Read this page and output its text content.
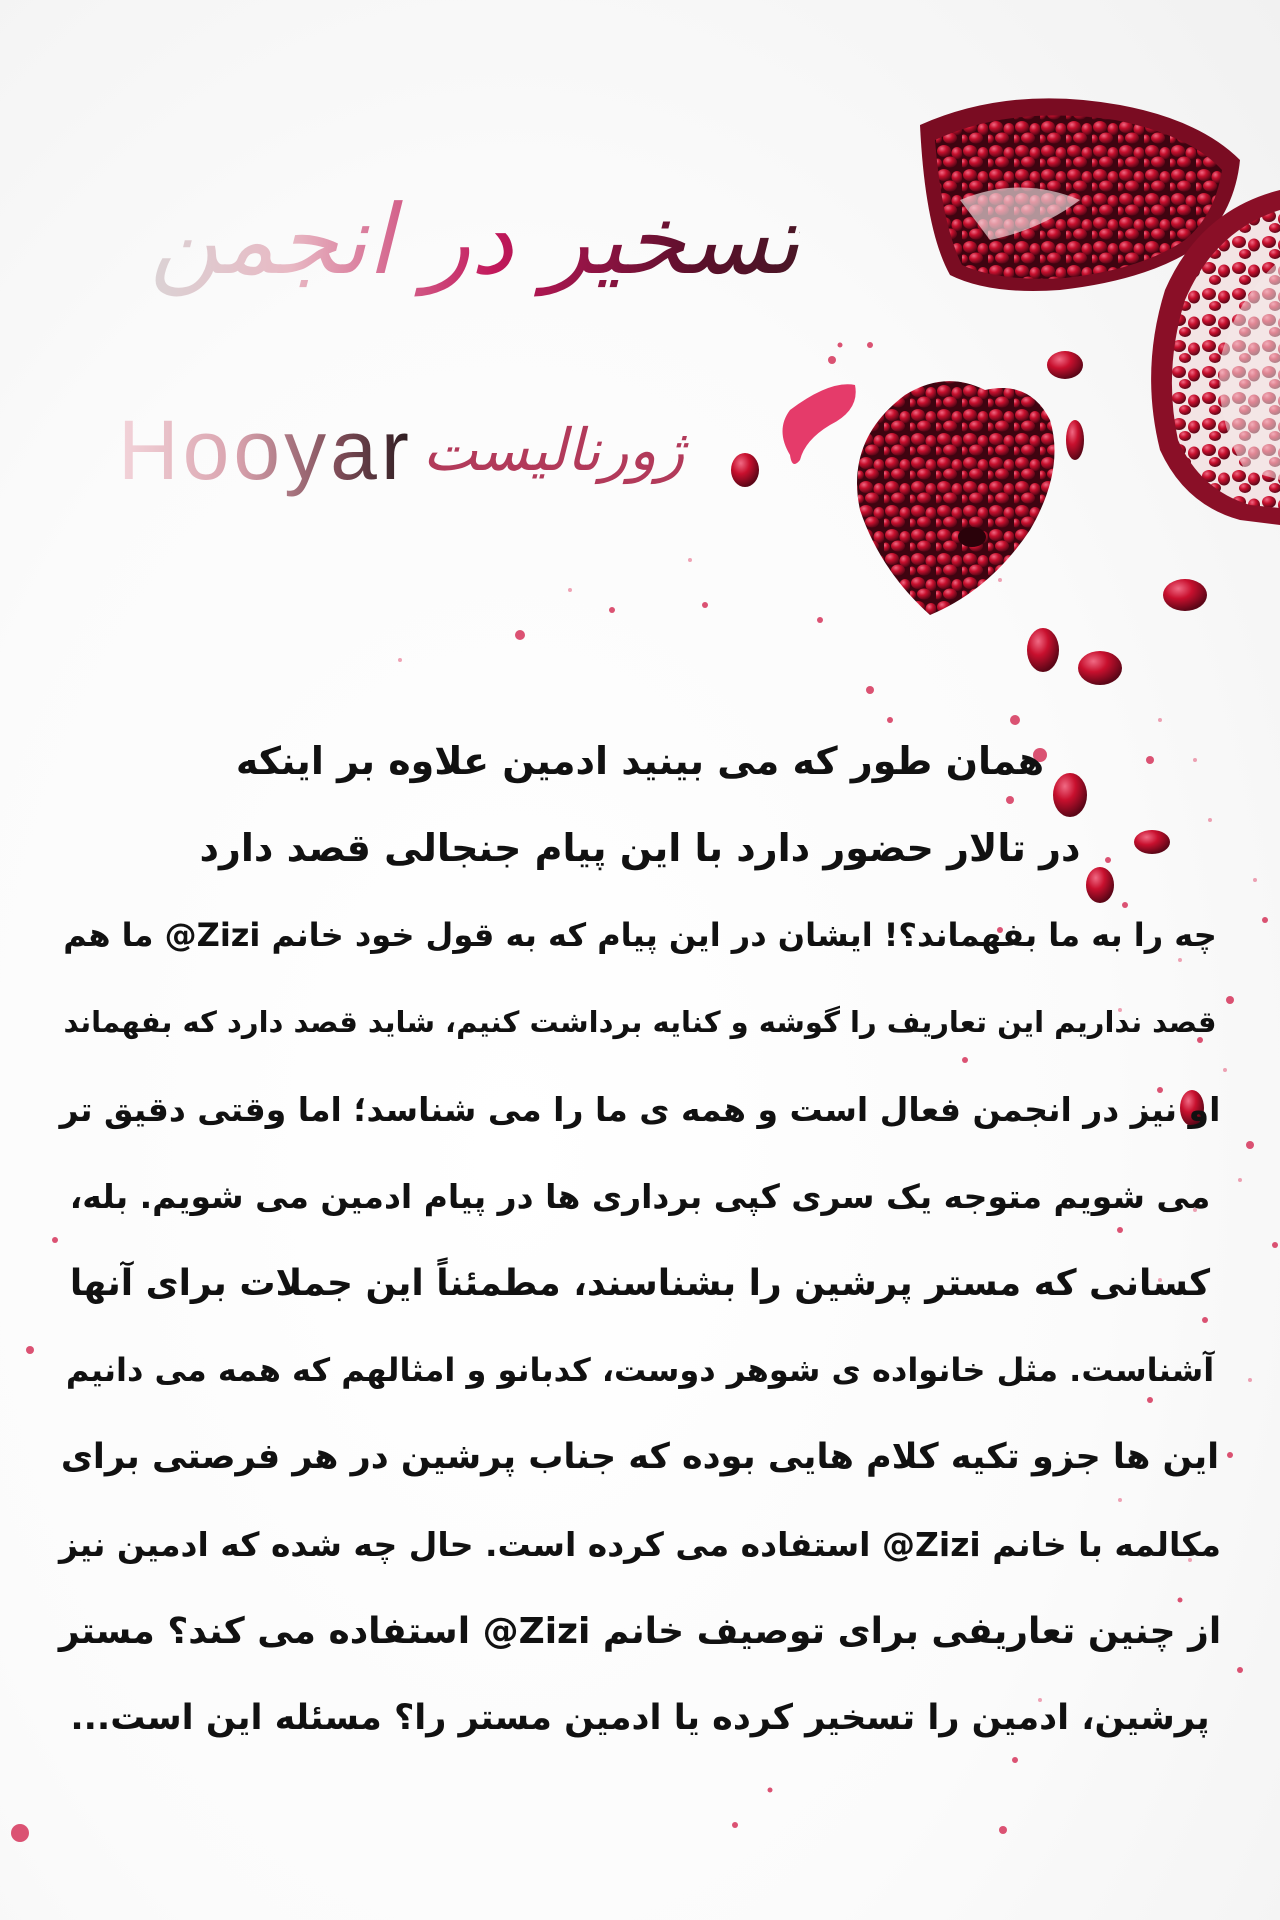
تسخیر در انجمن
Hooyar ژورنالیست

همان طور که می بینید ادمین علاوه بر اینکه

در تالار حضور دارد با این پیام جنجالی قصد دارد

چه را به ما بفهماند؟! ایشان در این پیام که به قول خود خانم Zizi@ ما هم

قصد نداریم این تعاریف را گوشه و کنایه برداشت کنیم، شاید قصد دارد که بفهماند

او نیز در انجمن فعال است و همه ی ما را می شناسد؛ اما وقتی دقیق تر

می شویم متوجه یک سری کپی برداری ها در پیام ادمین می شویم. بله،

کسانی که مستر پرشین را بشناسند، مطمئناً این جملات برای آنها

آشناست. مثل خانواده ی شوهر دوست، کدبانو و امثالهم که همه می دانیم

این ها جزو تکیه کلام هایی بوده که جناب پرشین در هر فرصتی برای

مکالمه با خانم Zizi@ استفاده می کرده است. حال چه شده که ادمین نیز

از چنین تعاریفی برای توصیف خانم Zizi@ استفاده می کند؟ مستر

پرشین، ادمین را تسخیر کرده یا ادمین مستر را؟ مسئله این است...
